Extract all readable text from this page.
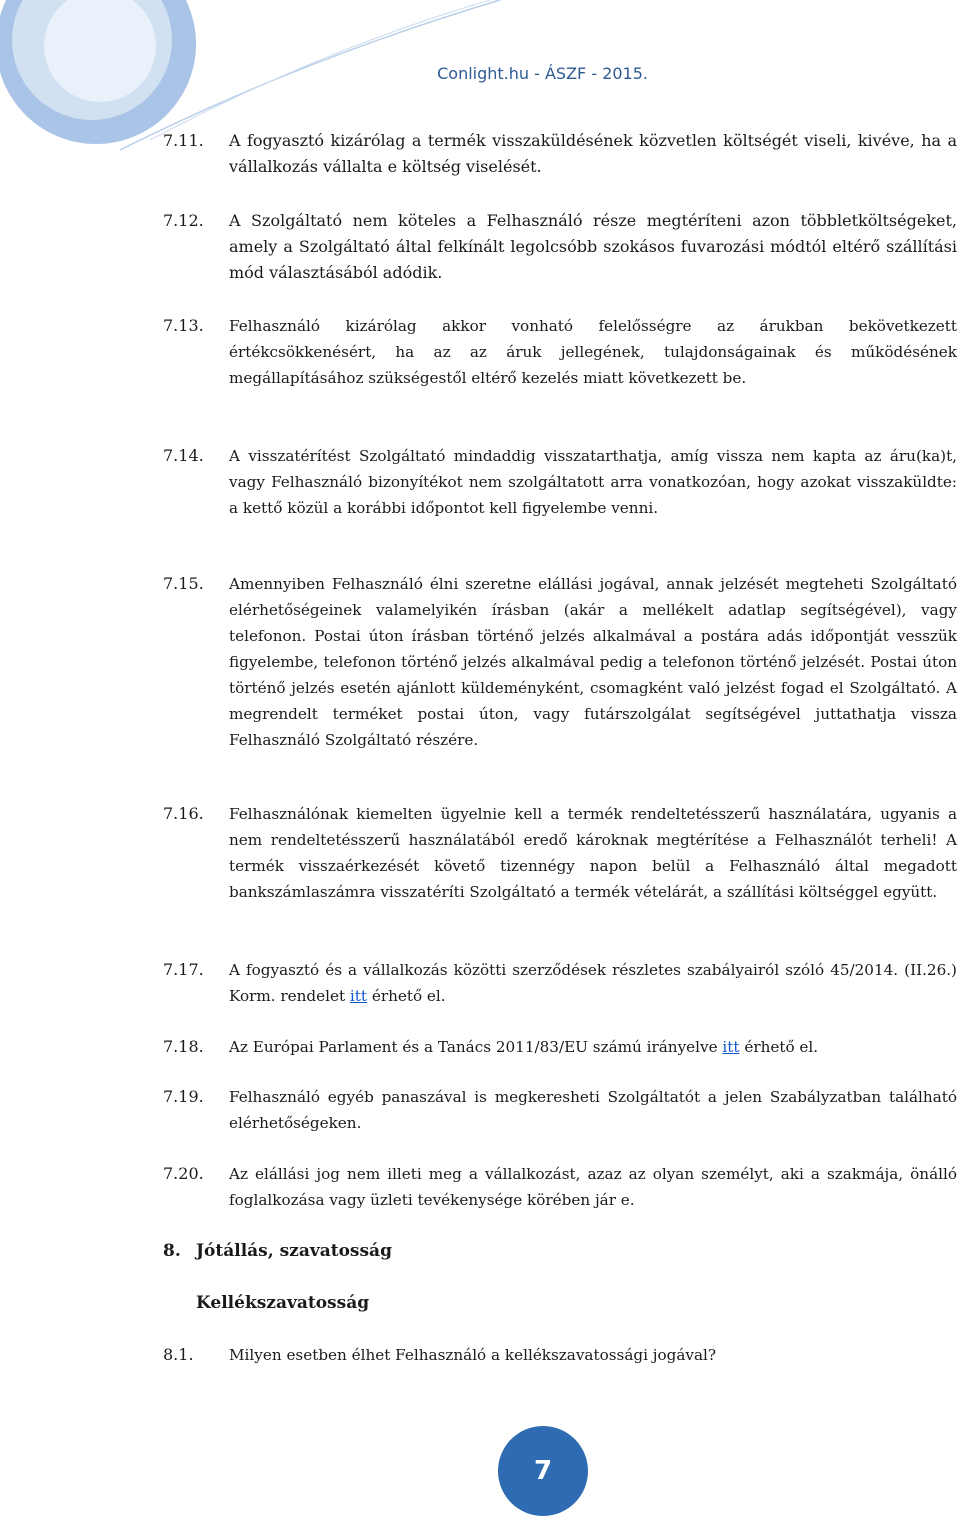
Conlight.hu - ÁSZF - 2015.
7.11.	A fogyasztó kizárólag a termék visszaküldésének közvetlen költségét viseli, kivéve, ha a vállalkozás vállalta e költség viselését.
7.12.	A Szolgáltató nem köteles a Felhasználó része megtéríteni azon többletköltségeket, amely a Szolgáltató által felkínált legolcsóbb szokásos fuvarozási módtól eltérő szállítási mód választásából adódik.
7.13.	Felhasználó kizárólag akkor vonható felelősségre az árukban bekövetkezett értékcsökkenésért, ha az az áruk jellegének, tulajdonságainak és működésének megállapításához szükségestől eltérő kezelés miatt következett be.
7.14.	A visszatérítést Szolgáltató mindaddig visszatarthatja, amíg vissza nem kapta az áru(ka)t, vagy Felhasználó bizonyítékot nem szolgáltatott arra vonatkozóan, hogy azokat visszaküldte: a kettő közül a korábbi időpontot kell figyelembe venni.
7.15.	Amennyiben Felhasználó élni szeretne elállási jogával, annak jelzését megteheti Szolgáltató elérhetőségeinek valamelyikén írásban (akár a mellékelt adatlap segítségével), vagy telefonon. Postai úton írásban történő jelzés alkalmával a postára adás időpontját vesszük figyelembe, telefonon történő jelzés alkalmával pedig a telefonon történő jelzését. Postai úton történő jelzés esetén ajánlott küldeményként, csomagként való jelzést fogad el Szolgáltató. A megrendelt terméket postai úton, vagy futárszolgálat segítségével juttathatja vissza Felhasználó Szolgáltató részére.
7.16.	Felhasználónak kiemelten ügyelnie kell a termék rendeltetésszerű használatára, ugyanis a nem rendeltetésszerű használatából eredő károknak megtérítése a Felhasználót terheli! A termék visszaérkezését követő tizennégy napon belül a Felhasználó által megadott bankszámlaszámra visszatéríti Szolgáltató a termék vételárát, a szállítási költséggel együtt.
7.17.	A fogyasztó és a vállalkozás közötti szerződések részletes szabályairól szóló 45/2014. (II.26.) Korm. rendelet itt érhető el.
7.18.	Az Európai Parlament és a Tanács 2011/83/EU számú irányelve itt érhető el.
7.19.	Felhasználó egyéb panaszával is megkeresheti Szolgáltatót a jelen Szabályzatban található elérhetőségeken.
7.20.	Az elállási jog nem illeti meg a vállalkozást, azaz az olyan személyt, aki a szakmája, önálló foglalkozása vagy üzleti tevékenysége körében jár e.
8. Jótállás, szavatosság
Kellékszavatosság
8.1.	Milyen esetben élhet Felhasználó a kellékszavatossági jogával?
7
